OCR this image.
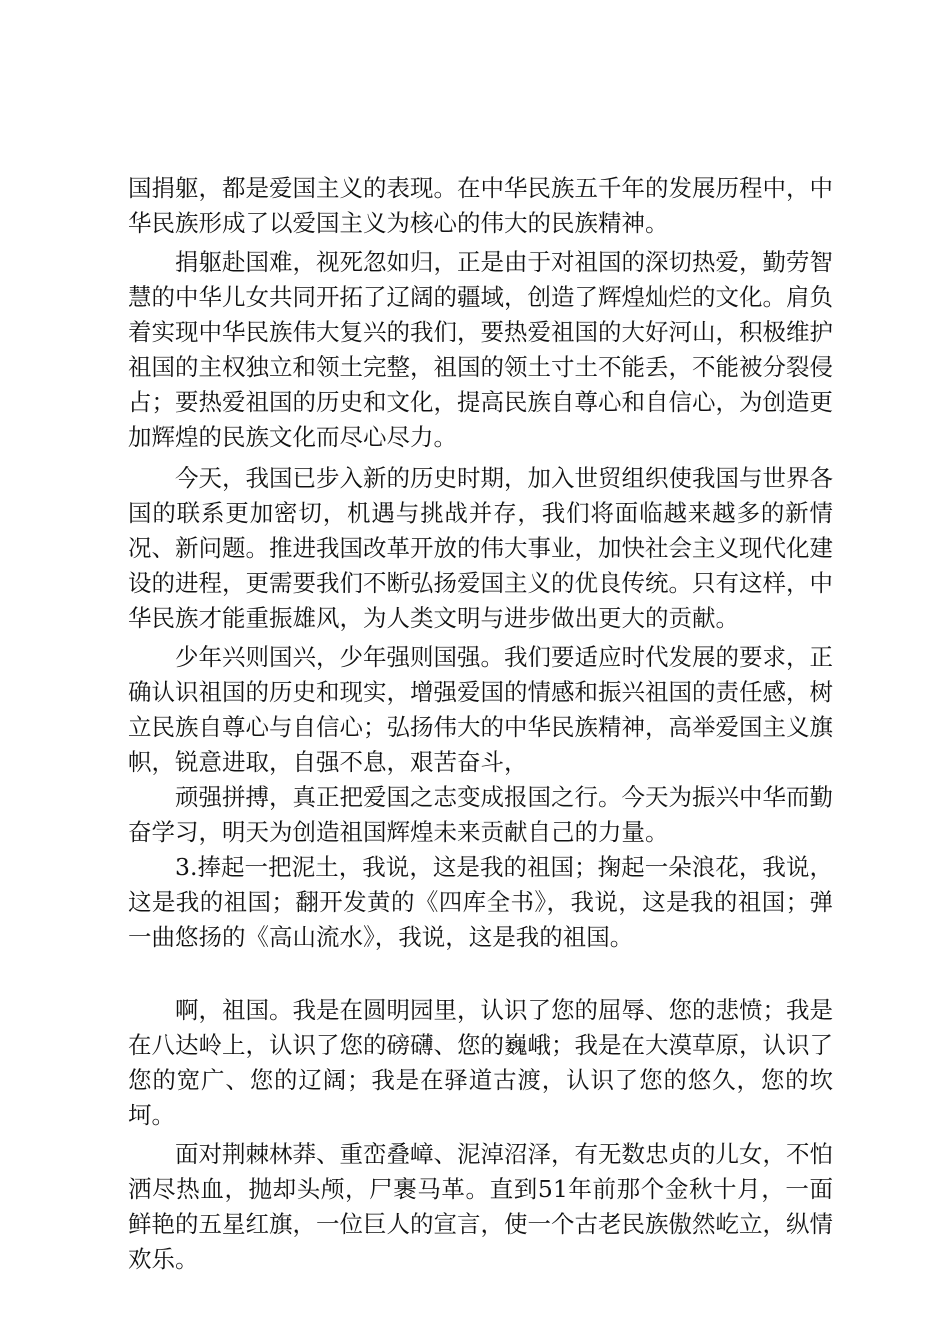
国捐躯，都是爱国主义的表现。在中华民族五千年的发展历程中，中华民族形成了以爱国主义为核心的伟大的民族精神。

捐躯赴国难，视死忽如归，正是由于对祖国的深切热爱，勤劳智慧的中华儿女共同开拓了辽阔的疆域，创造了辉煌灿烂的文化。肩负着实现中华民族伟大复兴的我们，要热爱祖国的大好河山，积极维护祖国的主权独立和领土完整，祖国的领土寸土不能丢，不能被分裂侵占；要热爱祖国的历史和文化，提高民族自尊心和自信心，为创造更加辉煌的民族文化而尽心尽力。

今天，我国已步入新的历史时期，加入世贸组织使我国与世界各国的联系更加密切，机遇与挑战并存，我们将面临越来越多的新情况、新问题。推进我国改革开放的伟大事业，加快社会主义现代化建设的进程，更需要我们不断弘扬爱国主义的优良传统。只有这样，中华民族才能重振雄风，为人类文明与进步做出更大的贡献。

少年兴则国兴，少年强则国强。我们要适应时代发展的要求，正确认识祖国的历史和现实，增强爱国的情感和振兴祖国的责任感，树立民族自尊心与自信心；弘扬伟大的中华民族精神，高举爱国主义旗帜，锐意进取，自强不息，艰苦奋斗，

顽强拼搏，真正把爱国之志变成报国之行。今天为振兴中华而勤奋学习，明天为创造祖国辉煌未来贡献自己的力量。

3.捧起一把泥土，我说，这是我的祖国；掬起一朵浪花，我说，这是我的祖国；翻开发黄的《四库全书》，我说，这是我的祖国；弹一曲悠扬的《高山流水》，我说，这是我的祖国。

啊，祖国。我是在圆明园里，认识了您的屈辱、您的悲愤；我是在八达岭上，认识了您的磅礴、您的巍峨；我是在大漠草原，认识了您的宽广、您的辽阔；我是在驿道古渡，认识了您的悠久，您的坎坷。

面对荆棘林莽、重峦叠嶂、泥淖沼泽，有无数忠贞的儿女，不怕洒尽热血，抛却头颅，尸裹马革。直到51年前那个金秋十月，一面鲜艳的五星红旗，一位巨人的宣言，使一个古老民族傲然屹立，纵情欢乐。
